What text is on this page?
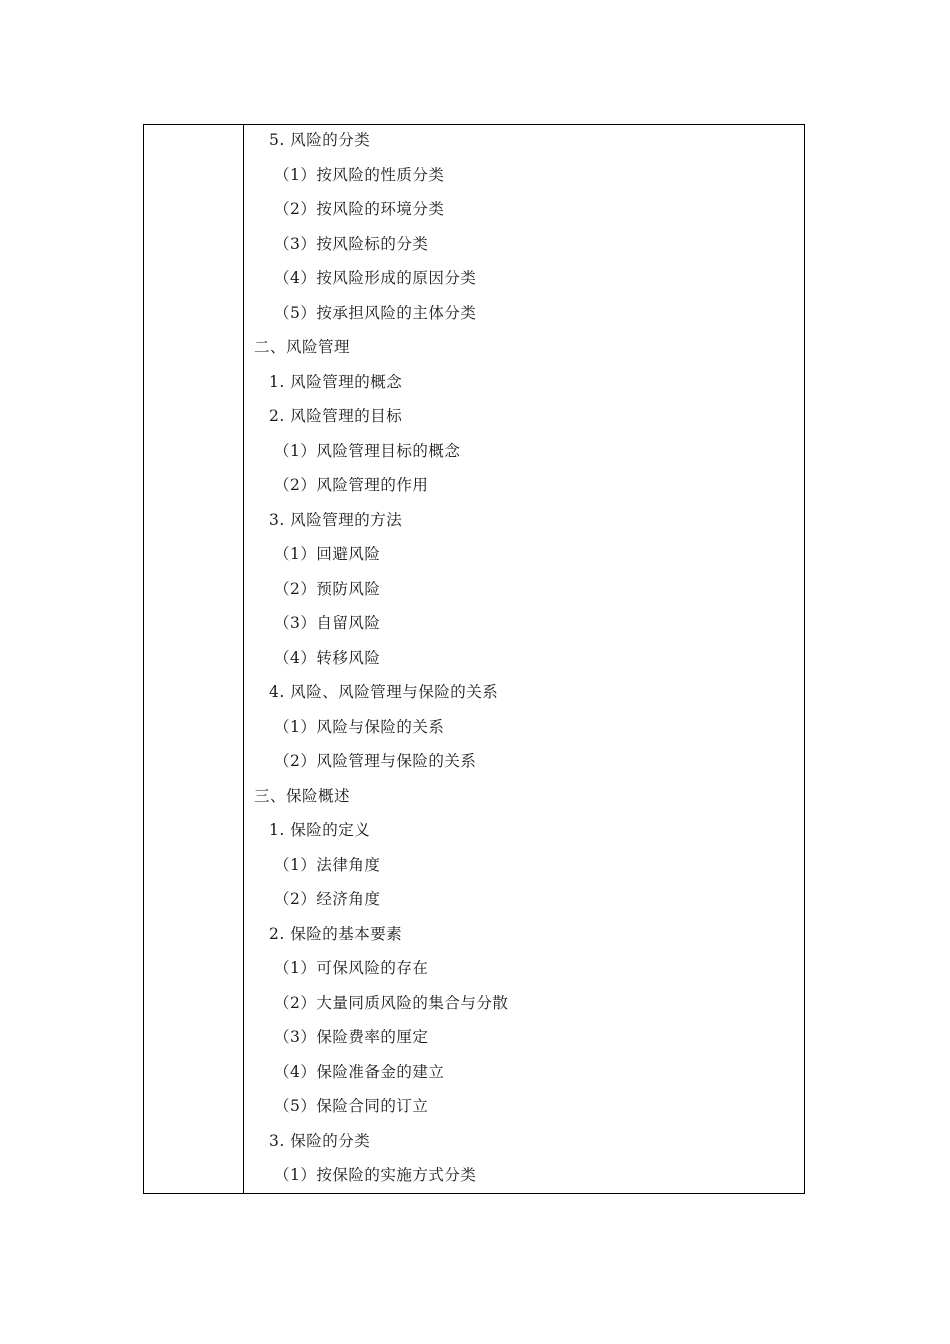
5. 风险的分类
（1）按风险的性质分类
（2）按风险的环境分类
（3）按风险标的分类
（4）按风险形成的原因分类
（5）按承担风险的主体分类
二、风险管理
1. 风险管理的概念
2. 风险管理的目标
（1）风险管理目标的概念
（2）风险管理的作用
3. 风险管理的方法
（1）回避风险
（2）预防风险
（3）自留风险
（4）转移风险
4. 风险、风险管理与保险的关系
（1）风险与保险的关系
（2）风险管理与保险的关系
三、保险概述
1. 保险的定义
（1）法律角度
（2）经济角度
2. 保险的基本要素
（1）可保风险的存在
（2）大量同质风险的集合与分散
（3）保险费率的厘定
（4）保险准备金的建立
（5）保险合同的订立
3. 保险的分类
（1）按保险的实施方式分类
